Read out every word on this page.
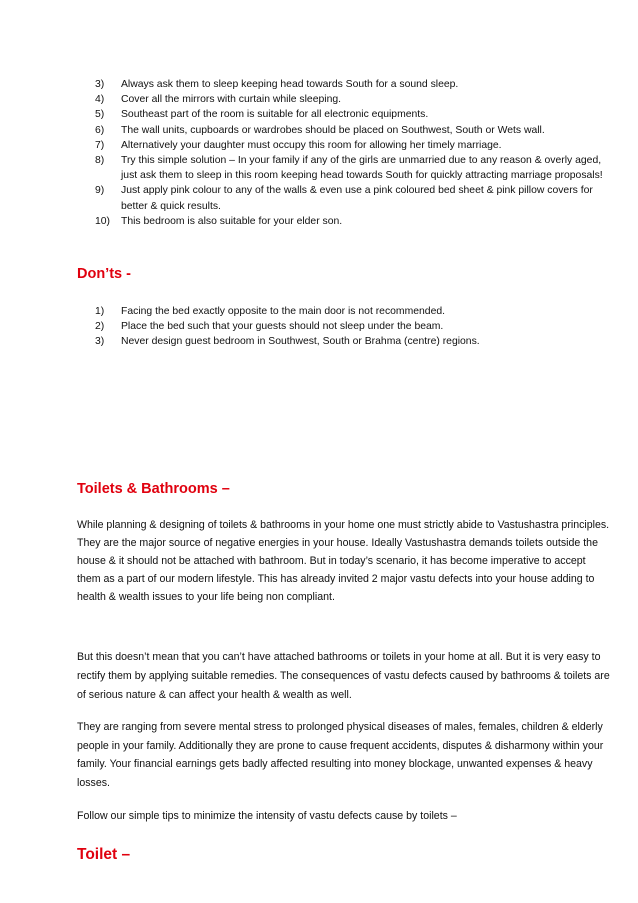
3)	Always ask them to sleep keeping head towards South for a sound sleep.
4)	Cover all the mirrors with curtain while sleeping.
5)	Southeast part of the room is suitable for all electronic equipments.
6)	The wall units, cupboards or wardrobes should be placed on Southwest, South or Wets wall.
7)	Alternatively your daughter must occupy this room for allowing her timely marriage.
8)	Try this simple solution – In your family if any of the girls are unmarried due to any reason & overly aged, just ask them to sleep in this room keeping head towards South for quickly attracting marriage proposals!
9)	Just apply pink colour to any of the walls & even use a pink coloured bed sheet & pink pillow covers for better & quick results.
10)	This bedroom is also suitable for your elder son.
Don’ts -
1)	Facing the bed exactly opposite to the main door is not recommended.
2)	Place the bed such that your guests should not sleep under the beam.
3)	Never design guest bedroom in Southwest, South or Brahma (centre) regions.
Toilets & Bathrooms –

While planning & designing of toilets & bathrooms in your home one must strictly abide to Vastushastra principles. They are the major source of negative energies in your house. Ideally Vastushastra demands toilets outside the house & it should not be attached with bathroom. But in today’s scenario, it has become imperative to accept them as a part of our modern lifestyle. This has already invited 2 major vastu defects into your house adding to health & wealth issues to your life being non compliant.

But this doesn’t mean that you can’t have attached bathrooms or toilets in your home at all. But it is very easy to rectify them by applying suitable remedies. The consequences of vastu defects caused by bathrooms & toilets are of serious nature & can affect your health & wealth as well.

They are ranging from severe mental stress to prolonged physical diseases of males, females, children & elderly people in your family. Additionally they are prone to cause frequent accidents, disputes & disharmony within your family. Your financial earnings gets badly affected resulting into money blockage, unwanted expenses & heavy losses.

Follow our simple tips to minimize the intensity of vastu defects cause by toilets –

Toilet –
